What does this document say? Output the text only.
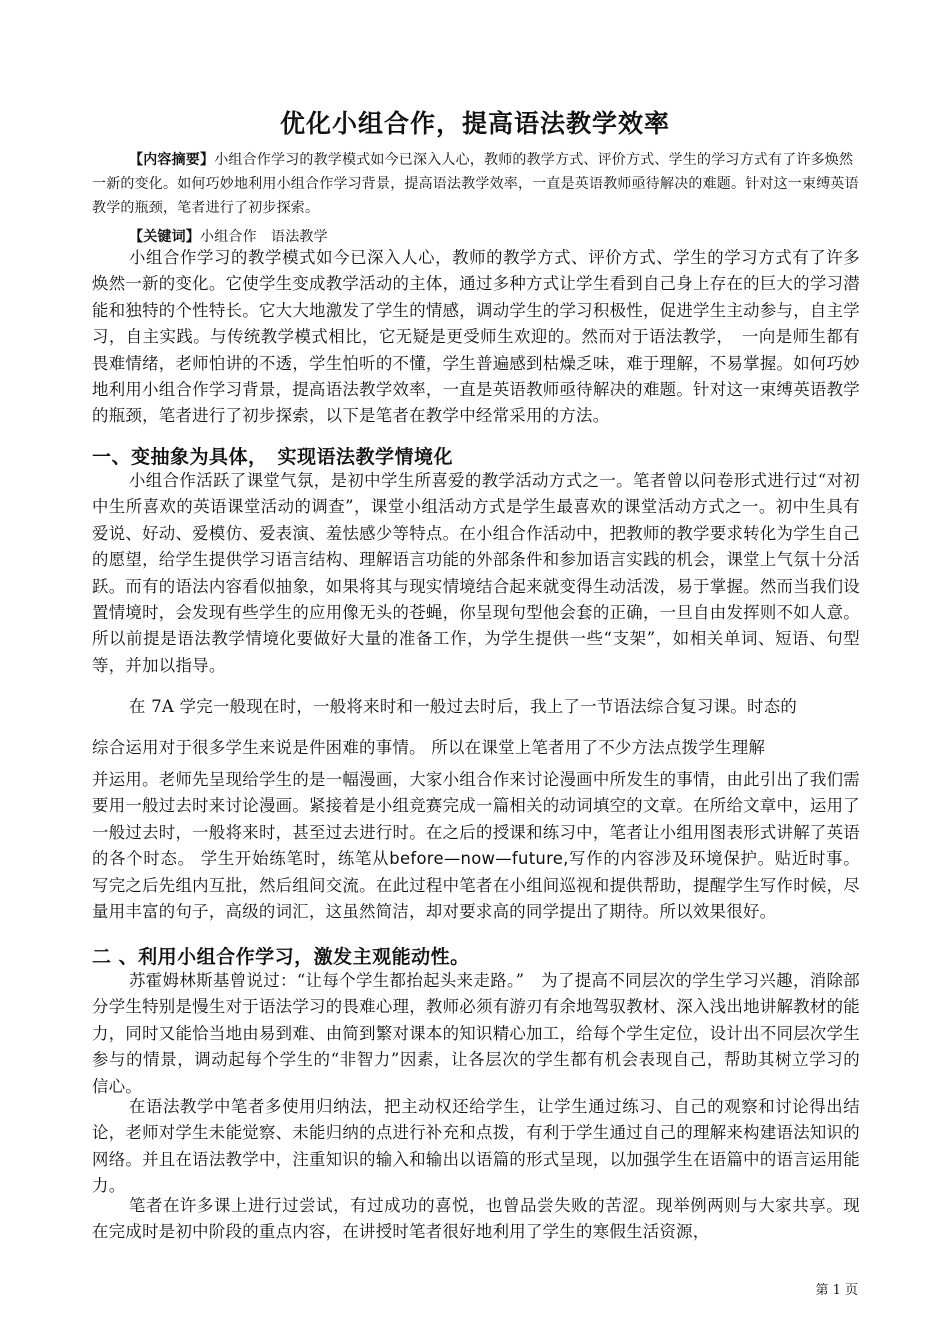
优化小组合作，提高语法教学效率

【内容摘要】小组合作学习的教学模式如今已深入人心，教师的教学方式、评价方式、学生的学习方式有了许多焕然一新的变化。如何巧妙地利用小组合作学习背景，提高语法教学效率，一直是英语教师亟待解决的难题。针对这一束缚英语教学的瓶颈，笔者进行了初步探索。

【关键词】小组合作　语法教学

小组合作学习的教学模式如今已深入人心，教师的教学方式、评价方式、学生的学习方式有了许多焕然一新的变化。它使学生变成教学活动的主体，通过多种方式让学生看到自己身上存在的巨大的学习潜能和独特的个性特长。它大大地激发了学生的情感，调动学生的学习积极性，促进学生主动参与，自主学习，自主实践。与传统教学模式相比，它无疑是更受师生欢迎的。然而对于语法教学，　一向是师生都有畏难情绪，老师怕讲的不透，学生怕听的不懂，学生普遍感到枯燥乏味，难于理解，不易掌握。如何巧妙地利用小组合作学习背景，提高语法教学效率，一直是英语教师亟待解决的难题。针对这一束缚英语教学的瓶颈，笔者进行了初步探索，以下是笔者在教学中经常采用的方法。

一、变抽象为具体，　实现语法教学情境化

小组合作活跃了课堂气氛，是初中学生所喜爱的教学活动方式之一。笔者曾以问卷形式进行过“对初中生所喜欢的英语课堂活动的调查”，课堂小组活动方式是学生最喜欢的课堂活动方式之一。初中生具有爱说、好动、爱模仿、爱表演、羞怯感少等特点。在小组合作活动中，把教师的教学要求转化为学生自己的愿望，给学生提供学习语言结构、理解语言功能的外部条件和参加语言实践的机会，课堂上气氛十分活跃。而有的语法内容看似抽象，如果将其与现实情境结合起来就变得生动活泼，易于掌握。然而当我们设置情境时，会发现有些学生的应用像无头的苍蝇，你呈现句型他会套的正确，一旦自由发挥则不如人意。所以前提是语法教学情境化要做好大量的准备工作，为学生提供一些“支架”，如相关单词、短语、句型等，并加以指导。

在 7A 学完一般现在时，一般将来时和一般过去时后，我上了一节语法综合复习课。时态的

综合运用对于很多学生来说是件困难的事情。 所以在课堂上笔者用了不少方法点拨学生理解

并运用。老师先呈现给学生的是一幅漫画，大家小组合作来讨论漫画中所发生的事情，由此引出了我们需要用一般过去时来讨论漫画。紧接着是小组竞赛完成一篇相关的动词填空的文章。在所给文章中，运用了一般过去时，一般将来时，甚至过去进行时。在之后的授课和练习中，笔者让小组用图表形式讲解了英语的各个时态。 学生开始练笔时，练笔从before—now—future,写作的内容涉及环境保护。贴近时事。写完之后先组内互批，然后组间交流。在此过程中笔者在小组间巡视和提供帮助，提醒学生写作时候，尽量用丰富的句子，高级的词汇，这虽然简洁，却对要求高的同学提出了期待。所以效果很好。

二 、利用小组合作学习，激发主观能动性。

苏霍姆林斯基曾说过：“让每个学生都抬起头来走路。”　为了提高不同层次的学生学习兴趣，消除部分学生特别是慢生对于语法学习的畏难心理，教师必须有游刃有余地驾驭教材、深入浅出地讲解教材的能力，同时又能恰当地由易到难、由简到繁对课本的知识精心加工，给每个学生定位，设计出不同层次学生参与的情景，调动起每个学生的“非智力”因素，让各层次的学生都有机会表现自己，帮助其树立学习的信心。

在语法教学中笔者多使用归纳法，把主动权还给学生，让学生通过练习、自己的观察和讨论得出结论，老师对学生未能觉察、未能归纳的点进行补充和点拨，有利于学生通过自己的理解来构建语法知识的网络。并且在语法教学中，注重知识的输入和输出以语篇的形式呈现，以加强学生在语篇中的语言运用能力。

笔者在许多课上进行过尝试，有过成功的喜悦，也曾品尝失败的苦涩。现举例两则与大家共享。现在完成时是初中阶段的重点内容，在讲授时笔者很好地利用了学生的寒假生活资源，

第 1 页
